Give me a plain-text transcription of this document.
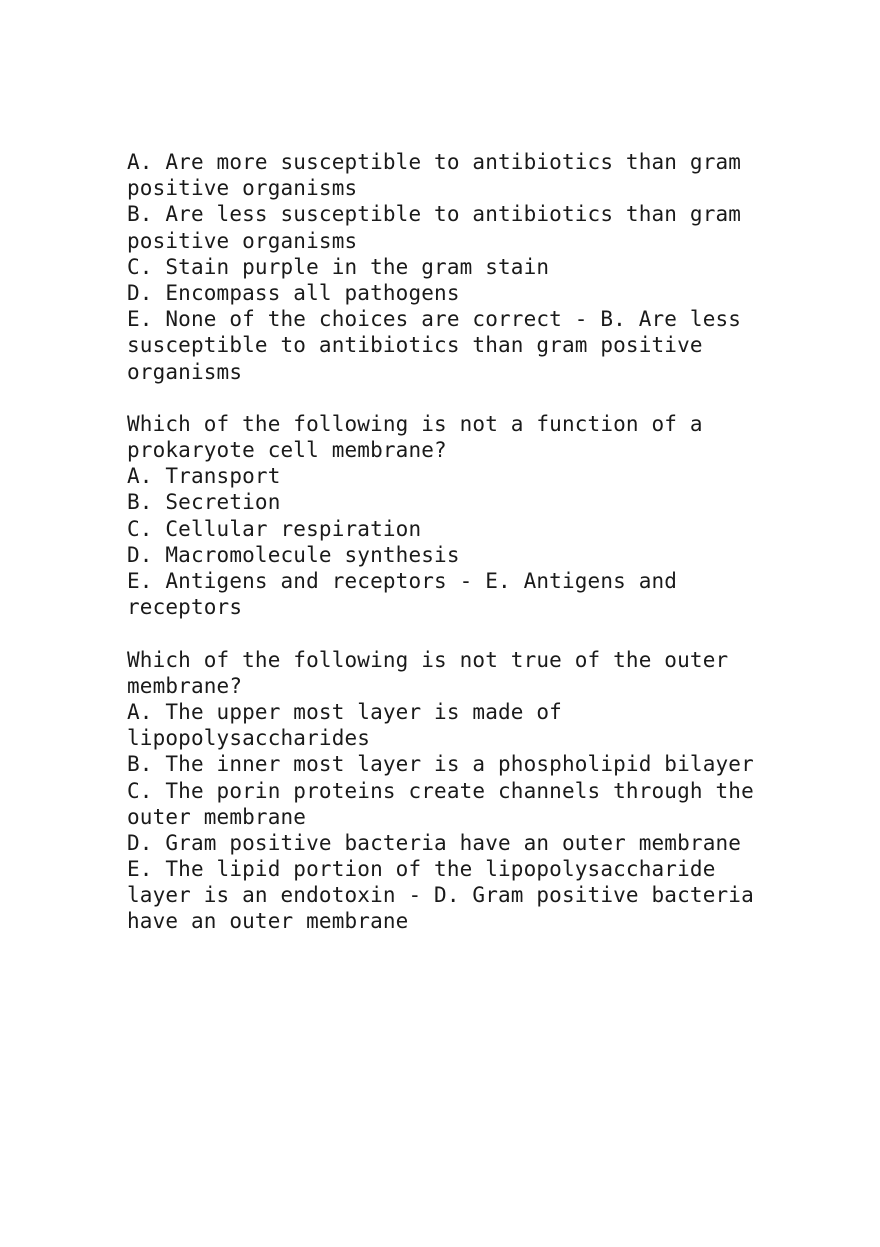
A. Are more susceptible to antibiotics than gram
positive organisms
B. Are less susceptible to antibiotics than gram
positive organisms
C. Stain purple in the gram stain
D. Encompass all pathogens
E. None of the choices are correct - B. Are less
susceptible to antibiotics than gram positive
organisms
Which of the following is not a function of a
prokaryote cell membrane?
A. Transport
B. Secretion
C. Cellular respiration
D. Macromolecule synthesis
E. Antigens and receptors - E. Antigens and
receptors
Which of the following is not true of the outer
membrane?
A. The upper most layer is made of
lipopolysaccharides
B. The inner most layer is a phospholipid bilayer
C. The porin proteins create channels through the
outer membrane
D. Gram positive bacteria have an outer membrane
E. The lipid portion of the lipopolysaccharide
layer is an endotoxin - D. Gram positive bacteria
have an outer membrane
